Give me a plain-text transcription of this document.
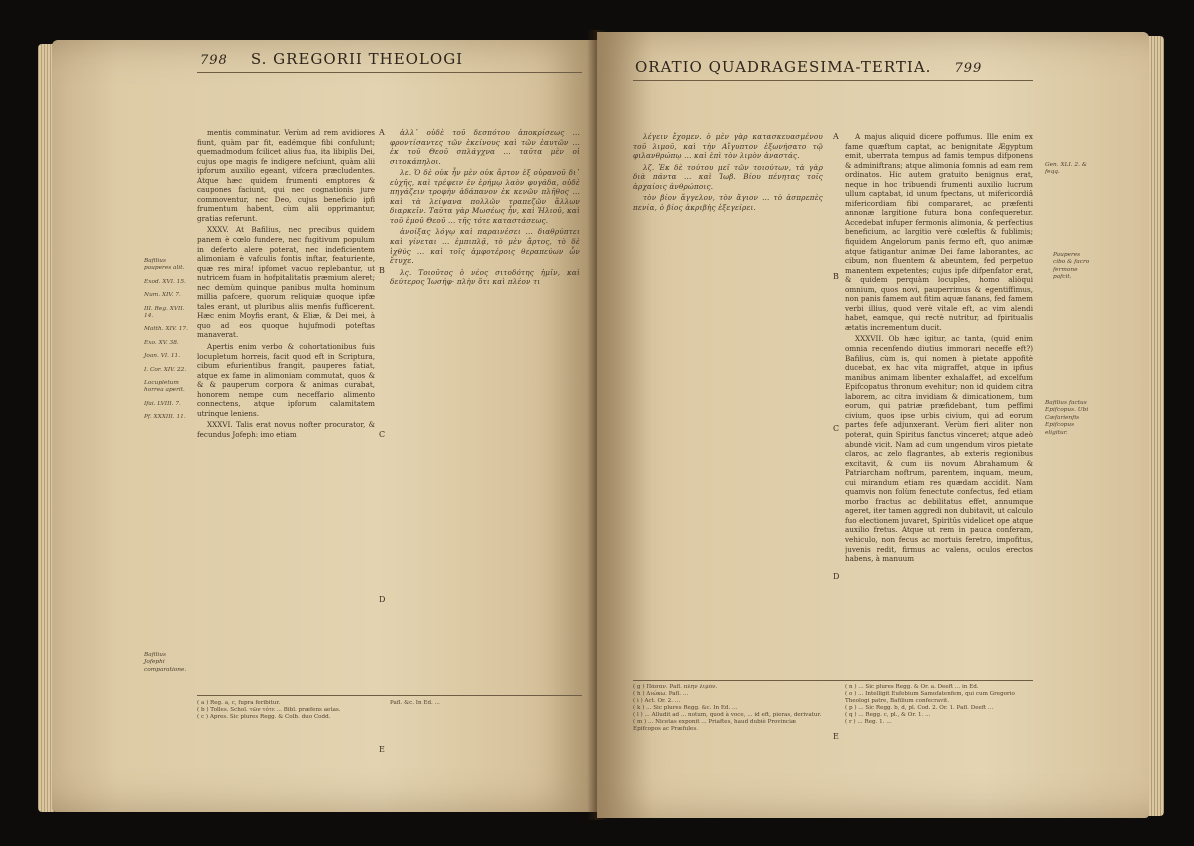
798 S. GREGORII THEOLOGI
Bafilius pauperes alit.
Exod. XVI. 15.
Num. XIV. 7.
III. Reg. XVII. 14.
Matth. XIV. 17.
Exo. XV. 38.
Joan. VI. 11.
I. Cor. XIV. 22.
Locupletum horrea aperit.
Ifai. LVIII. 7.
Pf. XXXIII. 11.
Bafilius Jofephi comparatione.

mentis comminatur. Verùm ad rem avidiores fiunt, quàm par fit, eadémque fibi confulunt; quemadmodum fcilicet alius fua, ita libiplis Dei, cujus ope magis fe indigere nefciunt, quàm alii ipforum auxilio egeant, vifcera præcludentes. Atque hæc quidem frumenti emptores & caupones faciunt, qui nec cognationis jure commoventur, nec Deo, cujus beneficio ipfi frumentum habent, cùm alii opprimantur, gratias referunt.

XXXV. At Bafilius, nec precibus quidem panem è cœlo fundere, nec fugitivum populum in deferto alere poterat, nec indeficientem alimoniam è vafculis fontis inftar, featuriente, quæ res mira! ipfomet vacuo replebantur, ut nutricem fuam in hofpitalitatis præmium aleret; nec demùm quinque panibus multa hominum millia pafcere, quorum reliquiæ quoque ipfæ tales erant, ut pluribus aliis menfis fufficerent. Hæc enim Moyfis erant, & Eliæ, & Dei mei, à quo ad eos quoque hujufmodi poteftas manaverat.

Apertis enim verbo & cohortationibus fuis locupletum horreis, facit quod eft in Scriptura, cibum efurientibus frangit, pauperes fatiat, atque ex fame in alimoniam commutat, quos & & & pauperum corpora & animas curabat, honorem nempe cum neceffario alimento connectens, atque ipforum calamitatem utrinque leniens.

XXXVI. Talis erat novus nofter procurator, & fecundus Jofeph: imo etiam

A
B
C
D
E

ἀλλ᾽ οὐδὲ τοῦ δεσπότου ἀποκρίσεως ... φροντίσαντες τῶν ἐκείνους καὶ τῶν ἑαυτῶν ... ἐκ τοῦ Θεοῦ σπλάγχνα ... ταῦτα μὲν οἱ σιτοκάπηλοι.

λε. Ὁ δὲ οὐκ ἦν μὲν οὐκ ἄρτον ἐξ οὐρανοῦ δι᾽ εὐχῆς, καὶ τρέφειν ἐν ἐρήμῳ λαὸν φυγάδα, οὐδὲ πηγάζειν τροφὴν ἀδάπανον ἐκ κενῶν πλῆθος ... καὶ τὰ λείψανα πολλῶν τραπεζῶν ἄλλων διαρκεῖν. Ταῦτα γὰρ Μωσέως ἦν, καὶ Ἡλιοῦ, καὶ τοῦ ἐμοῦ Θεοῦ ... τῆς τότε καταστάσεως.

ἀνοίξας λόγῳ καὶ παραινέσει ... διαθρύπτει καὶ γίνεται ... ἐμπιπλᾷ, τὸ μὲν ἄρτος, τὸ δὲ ἰχθύς ... καὶ τοῖς ἀμφοτέροις θεραπεύων ὧν ἔτυχε.

λς. Τοιοῦτος ὁ νέος σιτοδότης ἡμῖν, καὶ δεύτερος Ἰωσήφ· πλὴν ὅτι καὶ πλέον τι

( a ) Reg. a, c, fupra feribitur.
( b ) Tolles. Schol. τῶν τότε ... Bibl. præfens aetas.
( c ) Apres. Sic plures Regg. & Colb. duo Codd.
Pafl. &c. In Ed. ...
ORATIO QUADRAGESIMA-TERTIA. 799

λέγειν ἔχομεν. ὁ μὲν γὰρ κατασκευασμένου τοῦ λιμοῦ, καὶ τὴν Αἴγυπτον ἐξωνήσατο τῷ φιλανθρώπῳ ... καὶ ἐπὶ τὸν λιμὸν ἀναστάς.

λζ. Ἐκ δὲ τούτου μεῖ τῶν τοιούτων, τὰ γὰρ διὰ πάντα ... καὶ Ἰωβ. Βίου πένητας τοῖς ἀρχαίοις ἀνθρώποις.

τὸν βίον ἄγγελον, τὸν ἅγιον ... τὸ ἀσπρεπὲς πενία, ὁ βίος ἀκριβὴς ἐξεγείρει.

A
B
C
D
E

A majus aliquid dicere poffumus. Ille enim ex fame quæftum captat, ac benignitate Ægyptum emit, uberrata tempus ad famis tempus difponens & adminiftrans; atque alimonia fomnis ad eam rem ordinatos. Hic autem gratuito benignus erat, neque in hoc tribuendi frumenti auxilio lucrum ullum captabat, id unum fpectans, ut mifericordiâ mifericordiam fibi compararet, ac præfenti annonæ largitione futura bona confequeretur. Accedebat infuper fermonis alimonia, & perfectius beneficium, ac largitio verè cœleftis & fublimis; fiquidem Angelorum panis fermo eft, quo animæ atque fatigantur animæ Dei fame laborantes, ac cibum, non fluentem & abeuntem, fed perpetuo manentem expetentes; cujus ipfe difpenfator erat, & quidem perquàm locuples, homo aliòqui omnium, quos novi, pauperrimus & egentiffimus, non panis famem aut fitim aquæ fanans, fed famem verbi illius, quod verè vitale eft, ac vim alendi habet, eamque, qui rectè nutritur, ad fpiritualis ætatis incrementum ducit.

XXXVII. Ob hæc igitur, ac tanta, (quid enim omnia recenfendo diutius immorari neceffe eft?) Bafilius, cùm is, qui nomen à pietate appofitè ducebat, ex hac vita migraffet, atque in ipfius manibus animam libenter exhalaffet, ad excelfum Epifcopatus thronum evehitur; non id quidem citra laborem, ac citra invidiam & dimicationem, tum eorum, qui patriæ præfidebant, tum peffimi civium, quos ipse urbis civium, qui ad eorum partes fefe adjunxerant. Verùm fieri aliter non poterat, quin Spiritus fanctus vinceret; atque adeò abundè vicit. Nam ad cum ungendum viros pietate claros, ac zelo flagrantes, ab exteris regionibus excitavit, & cum iis novum Abrahamum & Patriarcham noftrum, parentem, inquam, meum, cui mirandum etiam res quædam accidit. Nam quamvis non folùm fenectute confectus, fed etiam morbo fractus ac debilitatus effet, annumque ageret, iter tamen aggredi non dubitavit, ut calculo fuo electionem juvaret, Spiritûs videlicet ope atque auxilio fretus. Atque ut rem in pauca conferam, vehiculo, non fecus ac mortuis feretro, impofitus, juvenis redit, firmus ac valens, oculos erectos habens, à manuum

Gen. XLI. 2. & feqq.
Pauperes cibo & facro fermone pafcit.
Bafilius factus Epifcopus. Ubi Cæfarienfis Epifcopus eligitur.
( g ) Πάσαν. Pafl. πλήν λιμόν.
( h ) Διώκω. Pafl. ...
( i ) Act. Or. 2. ...
( k ) ... Sic plures Regg. &c. In Ed. ...
( l ) ... Alludit ad ... notum, quod à voce, ... id eft, pieras, derivatur.
( m ) ... Nicetas exponit ... Priaftes, haud dubiè Provinciæ Epifcopos ac Præfules.
( n ) ... Sic plures Regg. & Or. a. Deeft ... in Ed.
( o ) ... Intelligit Eufebium Samofatenfem, qui cum Gregorio Theologi patre, Bafilium confecravit.
( p ) ... Sic Regg. b, d, pl. Cod. 2. Or. 1. Pafl. Deeft ...
( q ) ... Regg. c, pl., & Or. 1. ...
( r ) ... Reg. 1. ...
